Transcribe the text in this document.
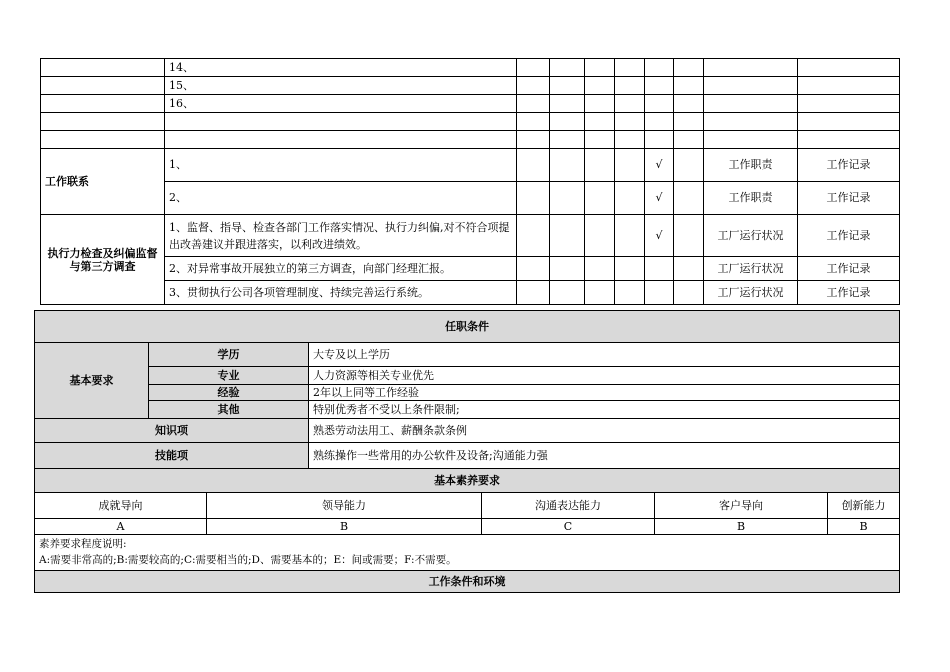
	14、								
	15、								
	16、								

工作联系	1、					√		工作职责	工作记录
	2、					√		工作职责	工作记录
执行力检查及纠偏监督与第三方调查	1、监督、指导、检查各部门工作落实情况、执行力纠偏,对不符合项提出改善建议并跟进落实，以利改进绩效。					√		工厂运行状况	工作记录
	2、对异常事故开展独立的第三方调查，向部门经理汇报。							工厂运行状况	工作记录
	3、贯彻执行公司各项管理制度、持续完善运行系统。							工厂运行状况	工作记录
任职条件						
基本要求	学历		大专及以上学历			
	专业		人力资源等相关专业优先			
	经验		2年以上同等工作经验			
	其他		特别优秀者不受以上条件限制;			
知识项			熟悉劳动法用工、薪酬条款条例			
技能项			熟练操作一些常用的办公软件及设备;沟通能力强			
基本素养要求						
成就导向		领导能力		沟通表达能力	客户导向	创新能力
A		B		C	B	B

素养要求程度说明:
A:需要非常高的;B:需要较高的;C:需要相当的;D、需要基本的；E：间或需要；F:不需要。						

工作条件和环境						
